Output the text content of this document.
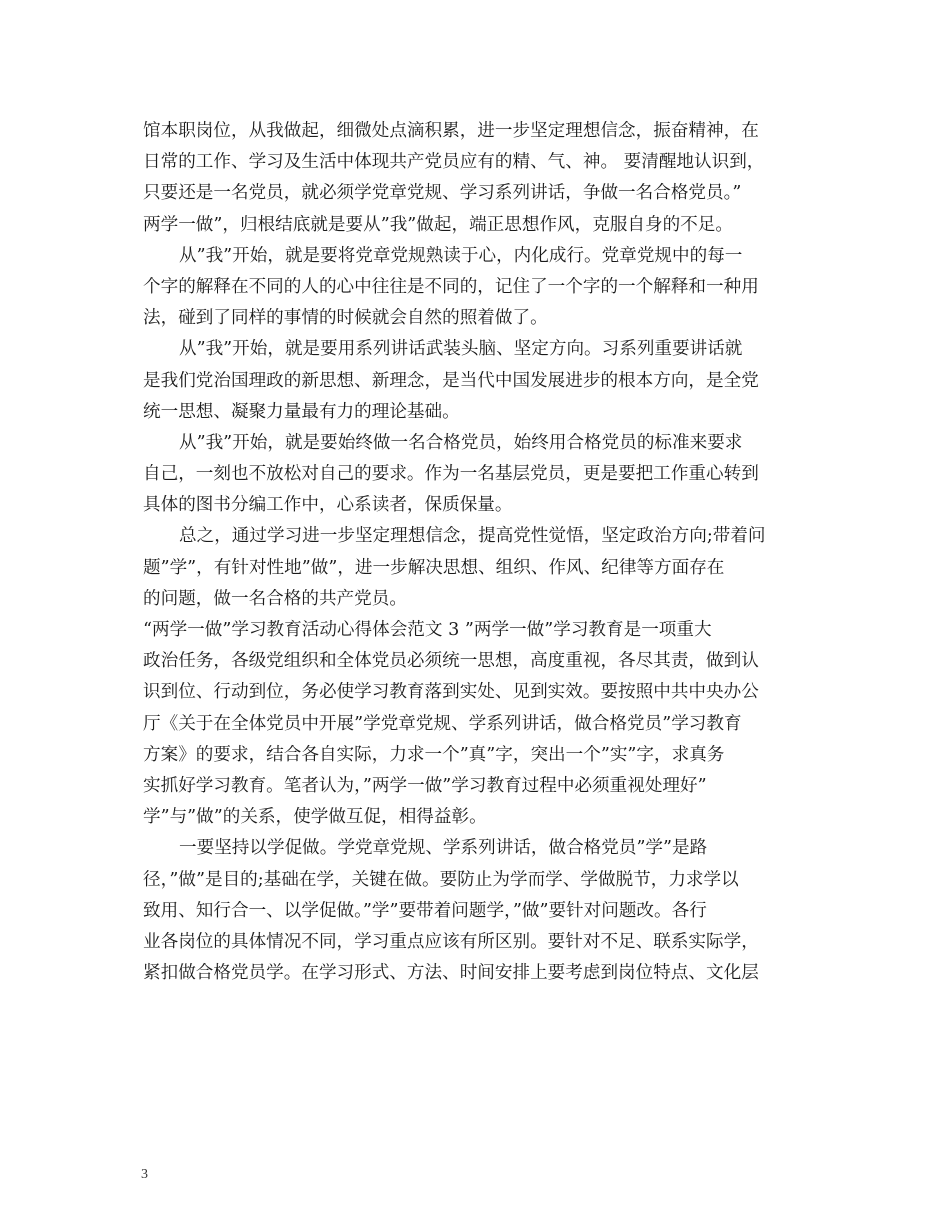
馆本职岗位，从我做起，细微处点滴积累，进一步坚定理想信念，振奋精神，在
日常的工作、学习及生活中体现共产党员应有的精、气、神。 要清醒地认识到，
只要还是一名党员，就必须学党章党规、学习系列讲话，争做一名合格党员。”
两学一做”，归根结底就是要从”我”做起，端正思想作风，克服自身的不足。
从”我”开始，就是要将党章党规熟读于心，内化成行。党章党规中的每一
个字的解释在不同的人的心中往往是不同的，记住了一个字的一个解释和一种用
法，碰到了同样的事情的时候就会自然的照着做了。
从”我”开始，就是要用系列讲话武装头脑、坚定方向。习系列重要讲话就
是我们党治国理政的新思想、新理念，是当代中国发展进步的根本方向，是全党
统一思想、凝聚力量最有力的理论基础。
从”我”开始，就是要始终做一名合格党员，始终用合格党员的标准来要求
自己，一刻也不放松对自己的要求。作为一名基层党员，更是要把工作重心转到
具体的图书分编工作中，心系读者，保质保量。
总之，通过学习进一步坚定理想信念，提高党性觉悟，坚定政治方向;带着问
题”学”，有针对性地”做”，进一步解决思想、组织、作风、纪律等方面存在
的问题，做一名合格的共产党员。
“两学一做”学习教育活动心得体会范文 3 ”两学一做”学习教育是一项重大
政治任务，各级党组织和全体党员必须统一思想，高度重视，各尽其责，做到认
识到位、行动到位，务必使学习教育落到实处、见到实效。要按照中共中央办公
厅《关于在全体党员中开展”学党章党规、学系列讲话，做合格党员”学习教育
方案》的要求，结合各自实际，力求一个”真”字，突出一个”实”字，求真务
实抓好学习教育。笔者认为，”两学一做”学习教育过程中必须重视处理好”
学”与”做”的关系，使学做互促，相得益彰。
一要坚持以学促做。学党章党规、学系列讲话，做合格党员”学”是路
径，”做”是目的;基础在学，关键在做。要防止为学而学、学做脱节，力求学以
致用、知行合一、以学促做。”学”要带着问题学，”做”要针对问题改。各行
业各岗位的具体情况不同，学习重点应该有所区别。要针对不足、联系实际学，
紧扣做合格党员学。在学习形式、方法、时间安排上要考虑到岗位特点、文化层
3
